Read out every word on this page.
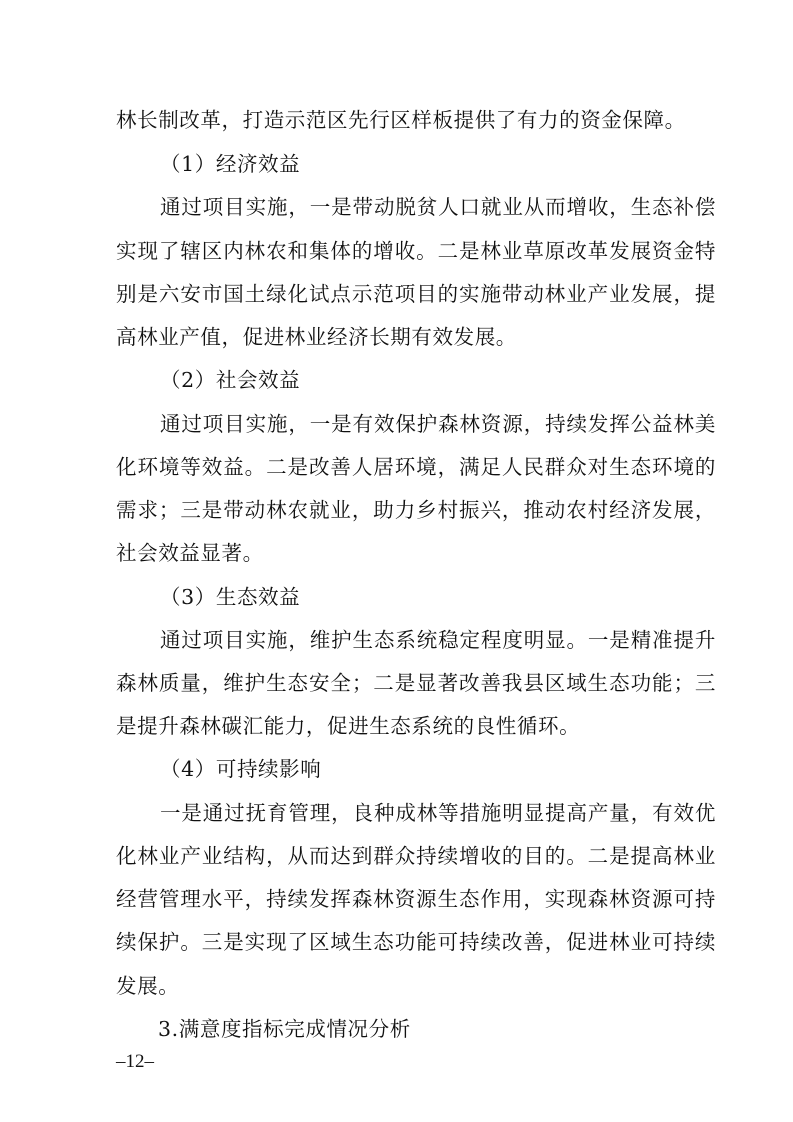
林长制改革，打造示范区先行区样板提供了有力的资金保障。
（1）经济效益
通过项目实施，一是带动脱贫人口就业从而增收，生态补偿
实现了辖区内林农和集体的增收。二是林业草原改革发展资金特
别是六安市国土绿化试点示范项目的实施带动林业产业发展，提
高林业产值，促进林业经济长期有效发展。
（2）社会效益
通过项目实施，一是有效保护森林资源，持续发挥公益林美
化环境等效益。二是改善人居环境，满足人民群众对生态环境的
需求；三是带动林农就业，助力乡村振兴，推动农村经济发展，
社会效益显著。
（3）生态效益
通过项目实施，维护生态系统稳定程度明显。一是精准提升
森林质量，维护生态安全；二是显著改善我县区域生态功能；三
是提升森林碳汇能力，促进生态系统的良性循环。
（4）可持续影响
一是通过抚育管理，良种成林等措施明显提高产量，有效优
化林业产业结构，从而达到群众持续增收的目的。二是提高林业
经营管理水平，持续发挥森林资源生态作用，实现森林资源可持
续保护。三是实现了区域生态功能可持续改善，促进林业可持续
发展。
3.满意度指标完成情况分析
–12–
